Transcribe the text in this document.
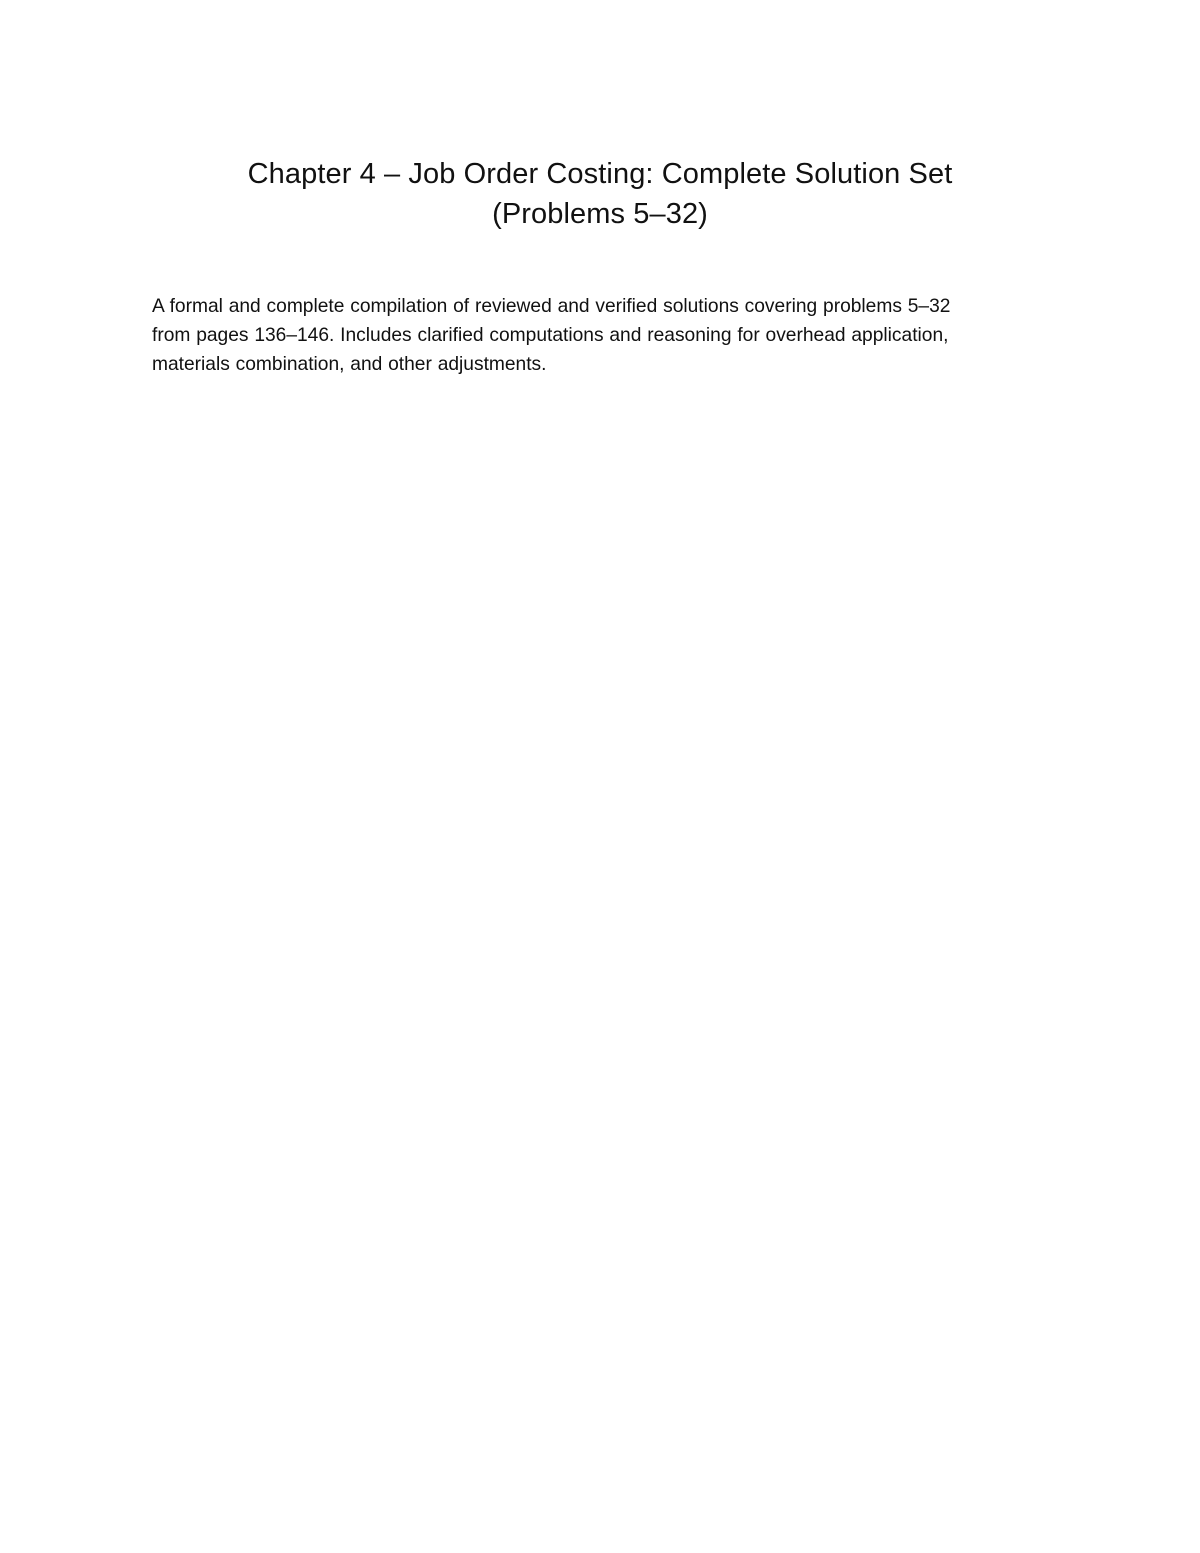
Chapter 4 – Job Order Costing: Complete Solution Set
(Problems 5–32)
A formal and complete compilation of reviewed and verified solutions covering problems 5–32
from pages 136–146. Includes clarified computations and reasoning for overhead application,
materials combination, and other adjustments.
